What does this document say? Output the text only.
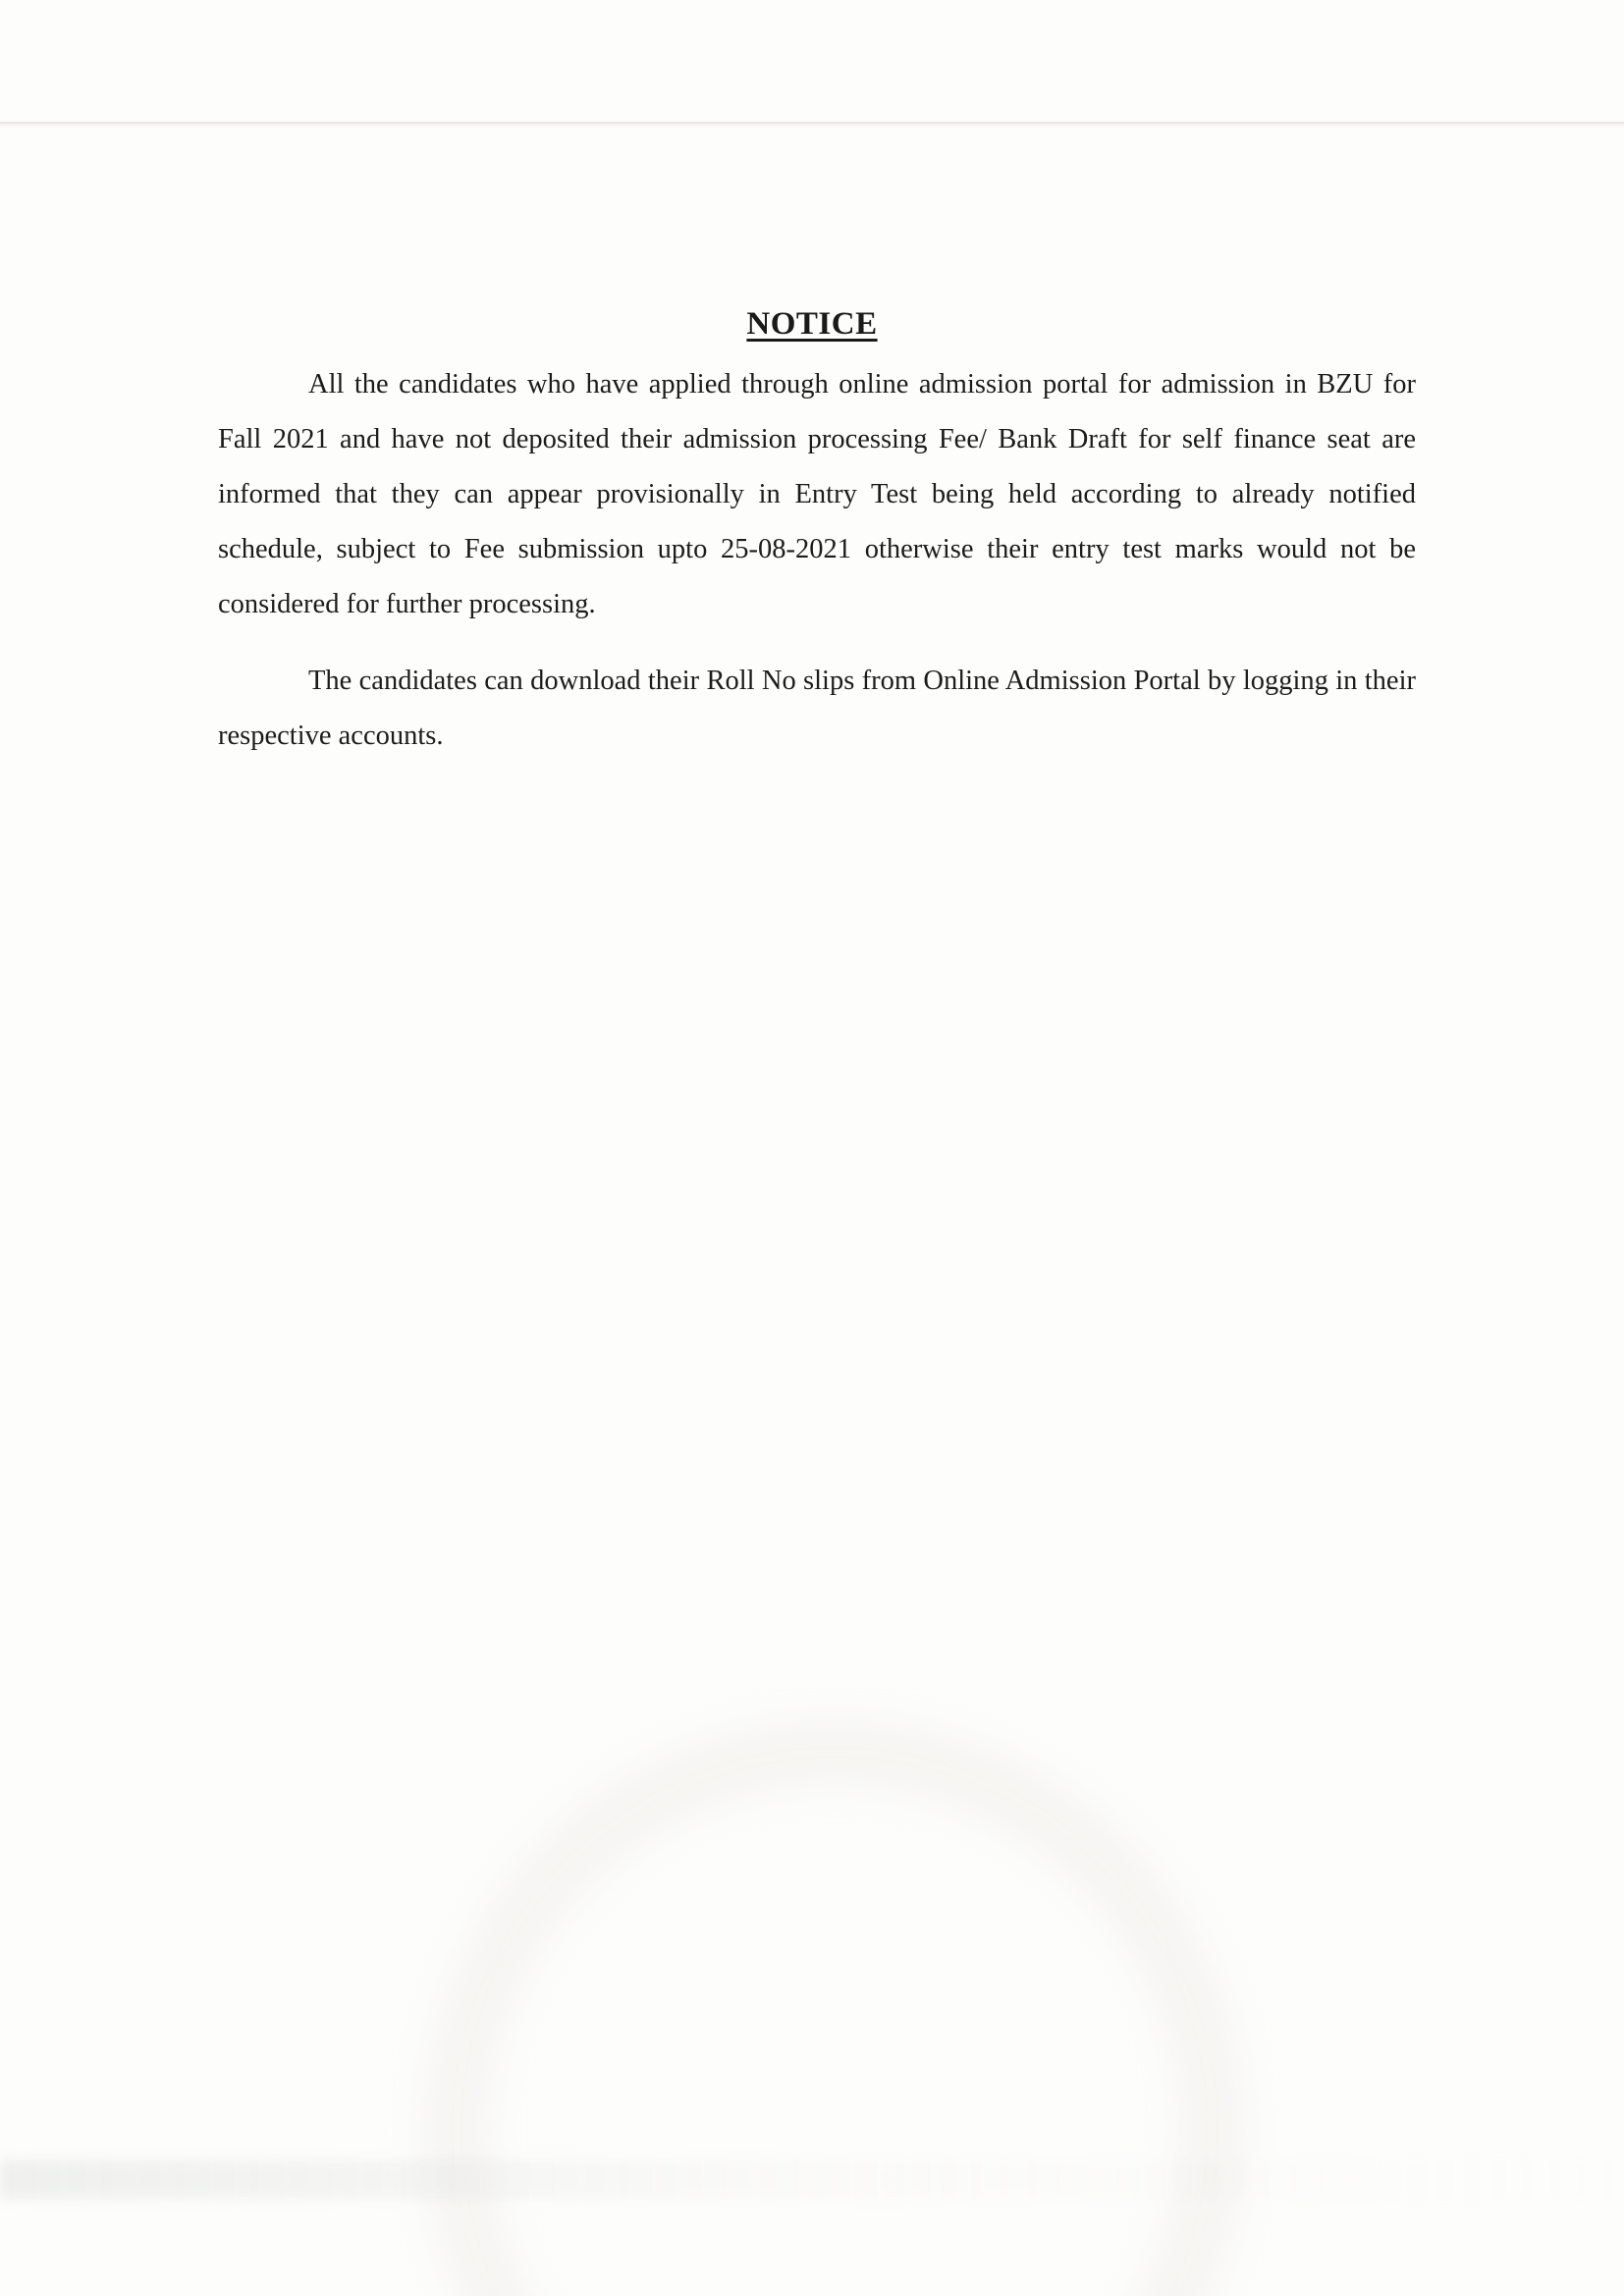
NOTICE

All the candidates who have applied through online admission portal for admission in BZU for Fall 2021 and have not deposited their admission processing Fee/ Bank Draft for self finance seat are informed that they can appear provisionally in Entry Test being held according to already notified schedule, subject to Fee submission upto 25-08-2021 otherwise their entry test marks would not be considered for further processing.

The candidates can download their Roll No slips from Online Admission Portal by logging in their respective accounts.
